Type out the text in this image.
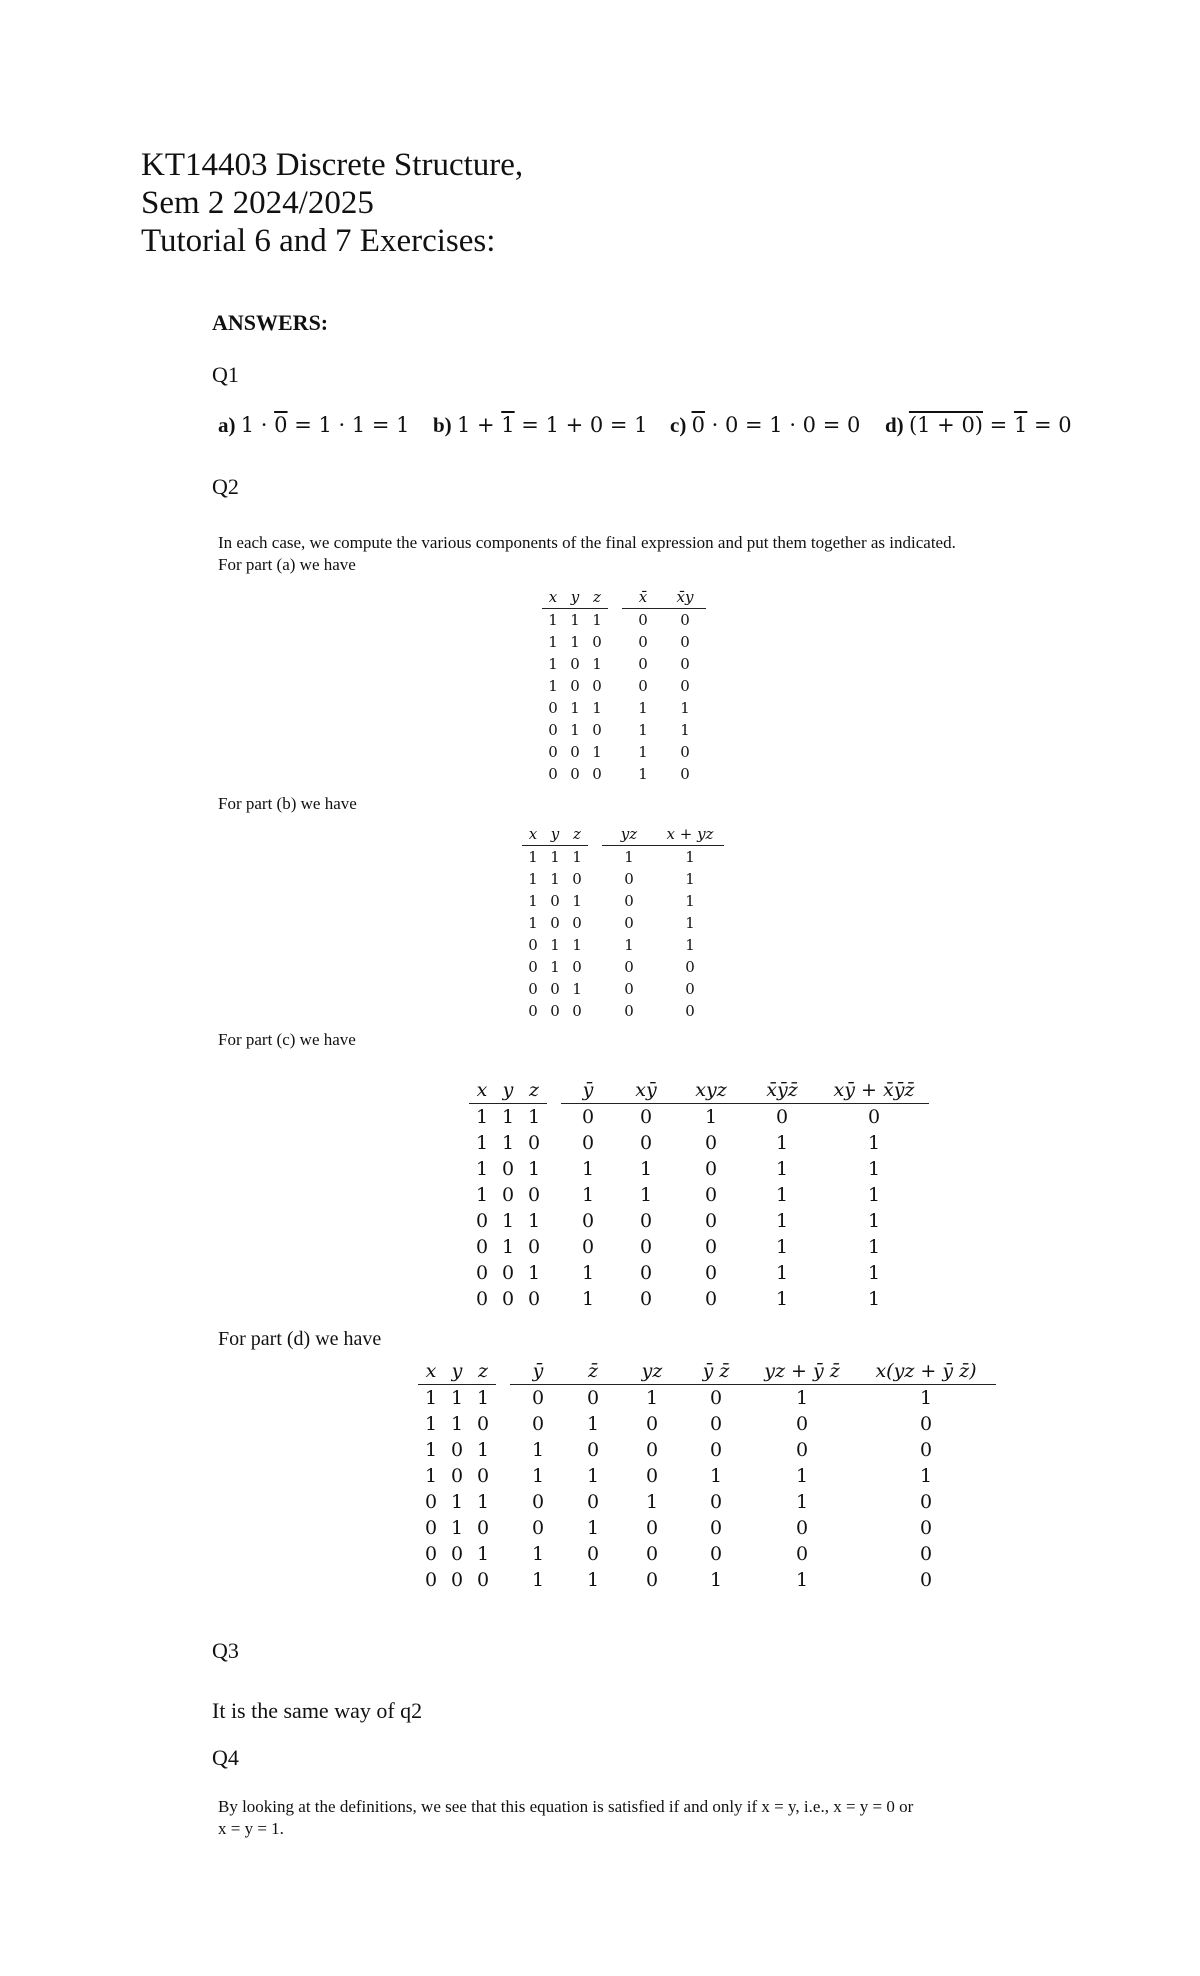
KT14403 Discrete Structure,
Sem 2 2024/2025
Tutorial 6 and 7 Exercises:
ANSWERS:
Q1
a) 1 · 0 = 1 · 1 = 1 b) 1 + 1 = 1 + 0 = 1 c) 0 · 0 = 1 · 0 = 0 d) (1 + 0) = 1 = 0
Q2
In each case, we compute the various components of the final expression and put them together as indicated.
For part (a) we have
x	y	z		x̄	x̄y
1	1	1		0	0
1	1	0		0	0
1	0	1		0	0
1	0	0		0	0
0	1	1		1	1
0	1	0		1	1
0	0	1		1	0
0	0	0		1	0
For part (b) we have
x	y	z		yz	x + yz
1	1	1		1	1
1	1	0		0	1
1	0	1		0	1
1	0	0		0	1
0	1	1		1	1
0	1	0		0	0
0	0	1		0	0
0	0	0		0	0
For part (c) we have
x	y	z		ȳ	xȳ	xyz	x̄ȳz̄	xȳ + x̄ȳz̄
1	1	1		0	0	1	0	0
1	1	0		0	0	0	1	1
1	0	1		1	1	0	1	1
1	0	0		1	1	0	1	1
0	1	1		0	0	0	1	1
0	1	0		0	0	0	1	1
0	0	1		1	0	0	1	1
0	0	0		1	0	0	1	1
For part (d) we have
x	y	z		ȳ	z̄	yz	ȳ z̄	yz + ȳ z̄	x(yz + ȳ z̄)
1	1	1		0	0	1	0	1	1
1	1	0		0	1	0	0	0	0
1	0	1		1	0	0	0	0	0
1	0	0		1	1	0	1	1	1
0	1	1		0	0	1	0	1	0
0	1	0		0	1	0	0	0	0
0	0	1		1	0	0	0	0	0
0	0	0		1	1	0	1	1	0
Q3
It is the same way of q2
Q4
By looking at the definitions, we see that this equation is satisfied if and only if x = y, i.e., x = y = 0 or
x = y = 1.
